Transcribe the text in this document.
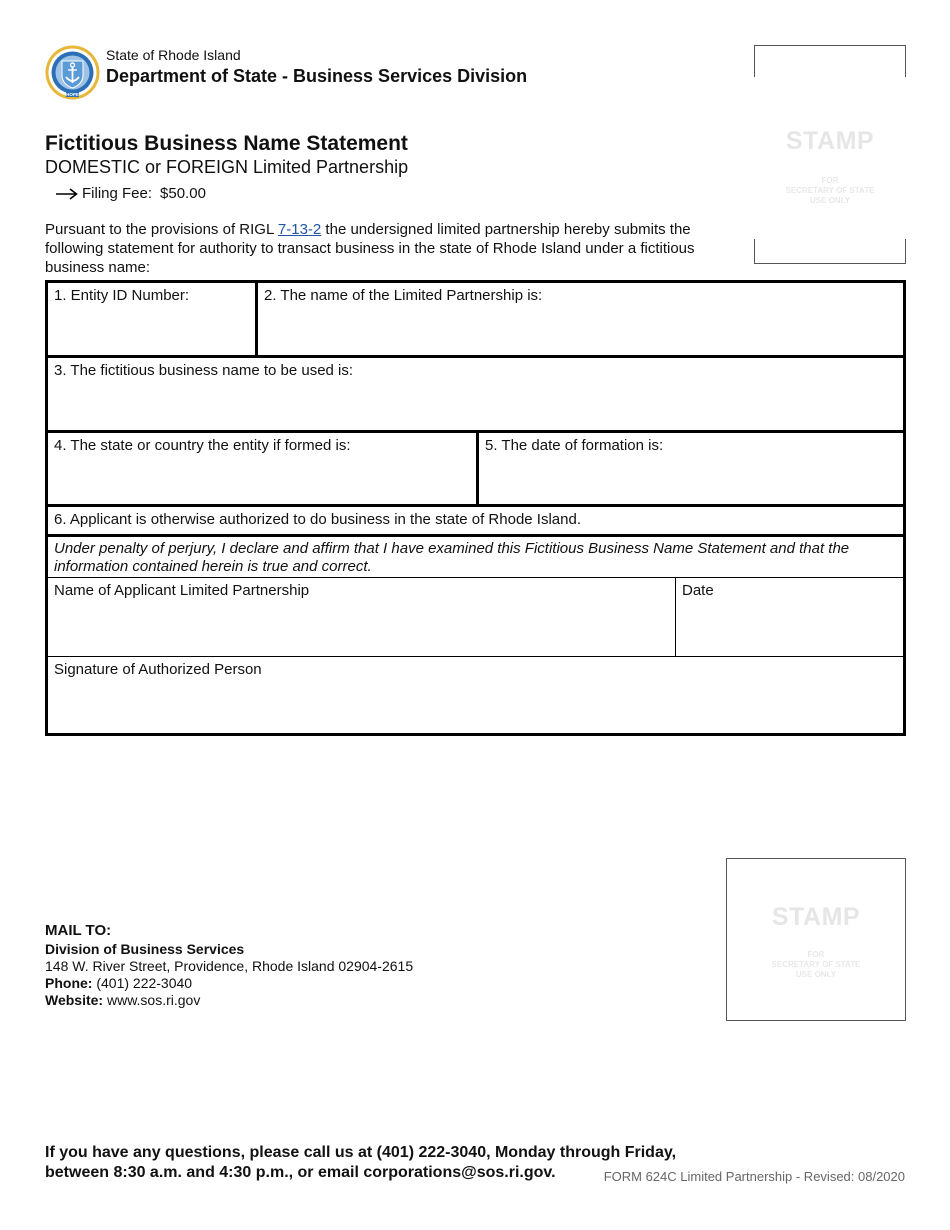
HOPE
State of Rhode Island
Department of State - Business Services Division
STAMP
FOR
SECRETARY OF STATE
USE ONLY
Fictitious Business Name Statement
DOMESTIC or FOREIGN Limited Partnership
Filing Fee: $50.00
Pursuant to the provisions of RIGL 7-13-2 the undersigned limited partnership hereby submits the following statement for authority to transact business in the state of Rhode Island under a fictitious business name:
1. Entity ID Number:	2. The name of the Limited Partnership is:
3. The fictitious business name to be used is:
4. The state or country the entity if formed is:	5. The date of formation is:
6. Applicant is otherwise authorized to do business in the state of Rhode Island.
Under penalty of perjury, I declare and affirm that I have examined this Fictitious Business Name Statement and that the information contained herein is true and correct.
Name of Applicant Limited Partnership	Date
Signature of Authorized Person
STAMP
FOR
SECRETARY OF STATE
USE ONLY
MAIL TO:
Division of Business Services
148 W. River Street, Providence, Rhode Island 02904-2615
Phone: (401) 222-3040
Website: www.sos.ri.gov
If you have any questions, please call us at (401) 222-3040, Monday through Friday,
between 8:30 a.m. and 4:30 p.m., or email corporations@sos.ri.gov.	FORM 624C Limited Partnership - Revised: 08/2020
